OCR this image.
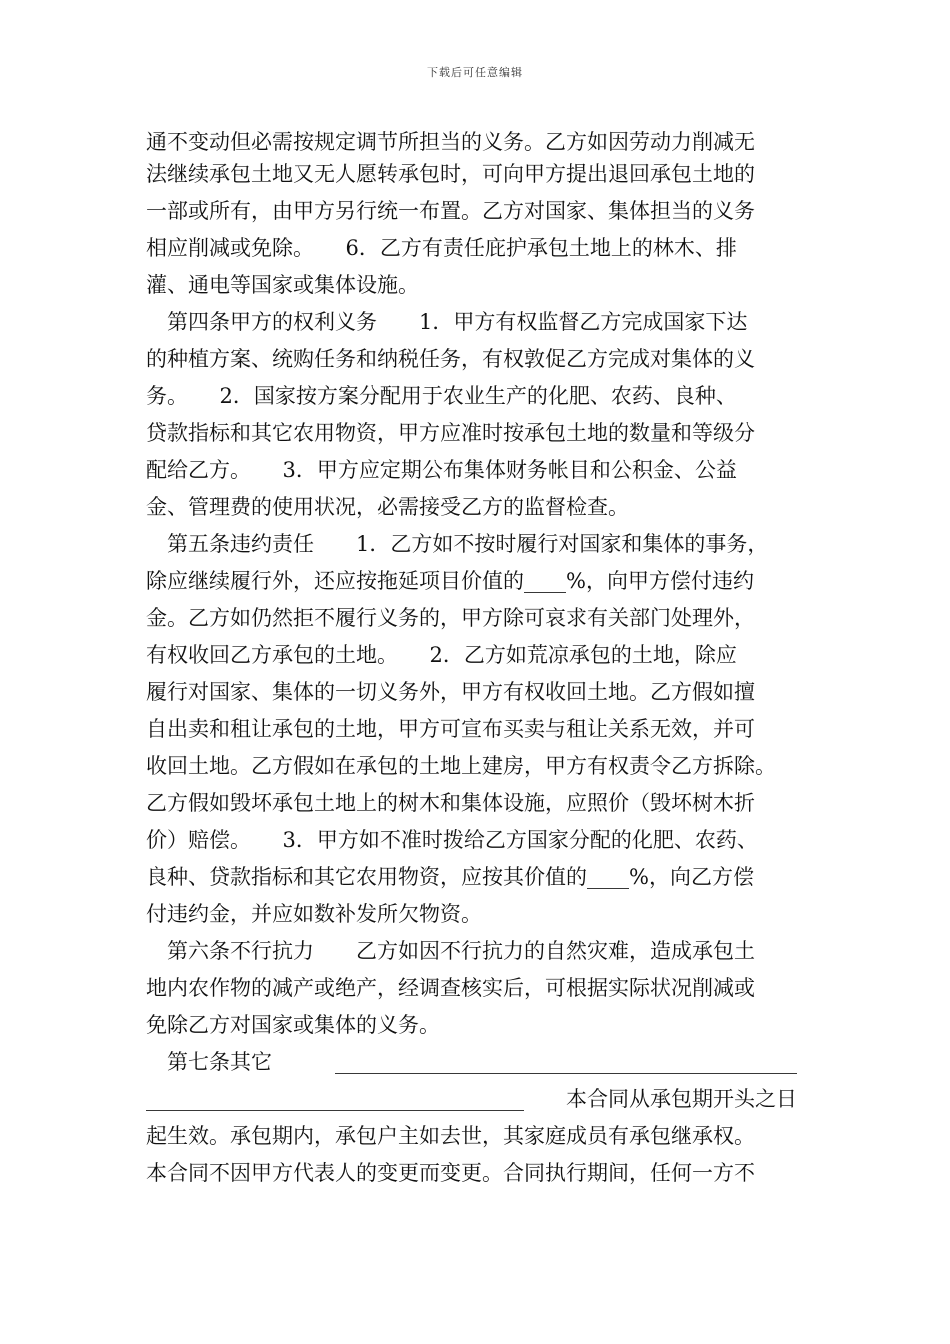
下载后可任意编辑
通不变动但必需按规定调节所担当的义务。乙方如因劳动力削减无
法继续承包土地又无人愿转承包时，可向甲方提出退回承包土地的
一部或所有，由甲方另行统一布置。乙方对国家、集体担当的义务
相应削减或免除。　　6．乙方有责任庇护承包土地上的林木、排
灌、通电等国家或集体设施。
　第四条甲方的权利义务　　1．甲方有权监督乙方完成国家下达
的种植方案、统购任务和纳税任务，有权敦促乙方完成对集体的义
务。　　2．国家按方案分配用于农业生产的化肥、农药、良种、
贷款指标和其它农用物资，甲方应准时按承包土地的数量和等级分
配给乙方。　　3．甲方应定期公布集体财务帐目和公积金、公益
金、管理费的使用状况，必需接受乙方的监督检查。
　第五条违约责任　　1．乙方如不按时履行对国家和集体的事务，
除应继续履行外，还应按拖延项目价值的____%，向甲方偿付违约
金。乙方如仍然拒不履行义务的，甲方除可哀求有关部门处理外，
有权收回乙方承包的土地。　　2．乙方如荒凉承包的土地，除应
履行对国家、集体的一切义务外，甲方有权收回土地。乙方假如擅
自出卖和租让承包的土地，甲方可宣布买卖与租让关系无效，并可
收回土地。乙方假如在承包的土地上建房，甲方有权责令乙方拆除。
乙方假如毁坏承包土地上的树木和集体设施，应照价（毁坏树木折
价）赔偿。　　3．甲方如不准时拨给乙方国家分配的化肥、农药、
良种、贷款指标和其它农用物资，应按其价值的____%，向乙方偿
付违约金，并应如数补发所欠物资。
　第六条不行抗力　　乙方如因不行抗力的自然灾难，造成承包土
地内农作物的减产或绝产，经调查核实后，可根据实际状况削减或
免除乙方对国家或集体的义务。
　第七条其它　　　____________________________________________
____________________________________　　本合同从承包期开头之日
起生效。承包期内，承包户主如去世，其家庭成员有承包继承权。
本合同不因甲方代表人的变更而变更。合同执行期间，任何一方不
